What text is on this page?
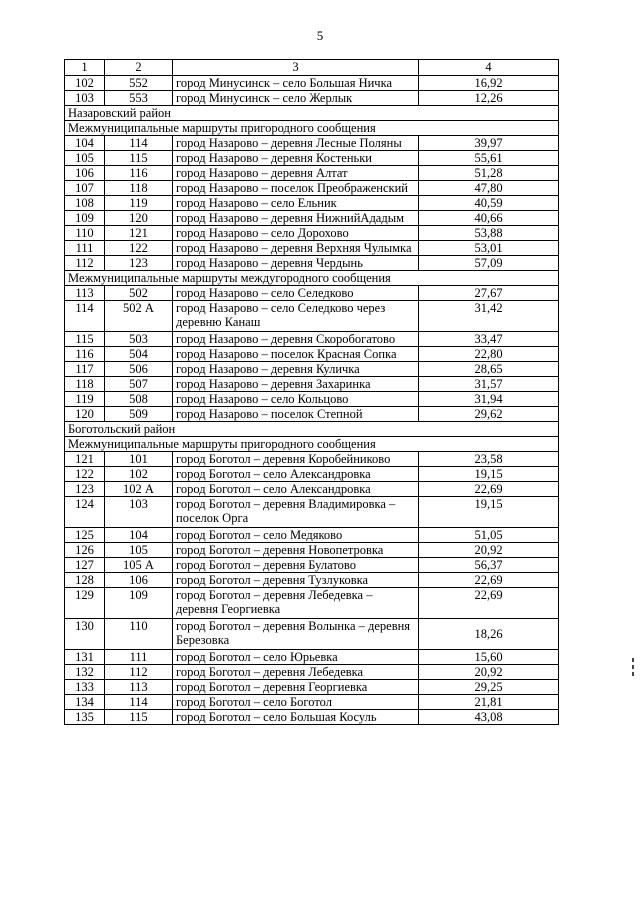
5
1	2	3	4
102	552	город Минусинск – село Большая Ничка	16,92
103	553	город Минусинск – село Жерлык	12,26
Назаровский район			
Межмуниципальные маршруты пригородного сообщения			
104	114	город Назарово – деревня Лесные Поляны	39,97
105	115	город Назарово – деревня Костеньки	55,61
106	116	город Назарово – деревня Алтат	51,28
107	118	город Назарово – поселок Преображенский	47,80
108	119	город Назарово – село Ельник	40,59
109	120	город Назарово – деревня НижнийАдадым	40,66
110	121	город Назарово – село Дорохово	53,88
111	122	город Назарово – деревня Верхняя Чулымка	53,01
112	123	город Назарово – деревня Чердынь	57,09
Межмуниципальные маршруты междугородного сообщения			
113	502	город Назарово – село Селедково	27,67
114	502 А	город Назарово – село Селедково через деревню Канаш	31,42
115	503	город Назарово – деревня Скоробогатово	33,47
116	504	город Назарово – поселок Красная Сопка	22,80
117	506	город Назарово – деревня Куличка	28,65
118	507	город Назарово – деревня Захаринка	31,57
119	508	город Назарово – село Кольцово	31,94
120	509	город Назарово – поселок Степной	29,62
Боготольский район			
Межмуниципальные маршруты пригородного сообщения			
121	101	город Боготол – деревня Коробейниково	23,58
122	102	город Боготол – село Александровка	19,15
123	102 А	город Боготол – село Александровка	22,69
124	103	город Боготол – деревня Владимировка – поселок Орга	19,15
125	104	город Боготол – село Медяково	51,05
126	105	город Боготол – деревня Новопетровка	20,92
127	105 А	город Боготол – деревня Булатово	56,37
128	106	город Боготол – деревня Тузлуковка	22,69
129	109	город Боготол – деревня Лебедевка – деревня Георгиевка	22,69
130	110	город Боготол – деревня Волынка – деревня Березовка	18,26
131	111	город Боготол – село Юрьевка	15,60
132	112	город Боготол – деревня Лебедевка	20,92
133	113	город Боготол – деревня Георгиевка	29,25
134	114	город Боготол – село Боготол	21,81
135	115	город Боготол – село Большая Косуль	43,08
